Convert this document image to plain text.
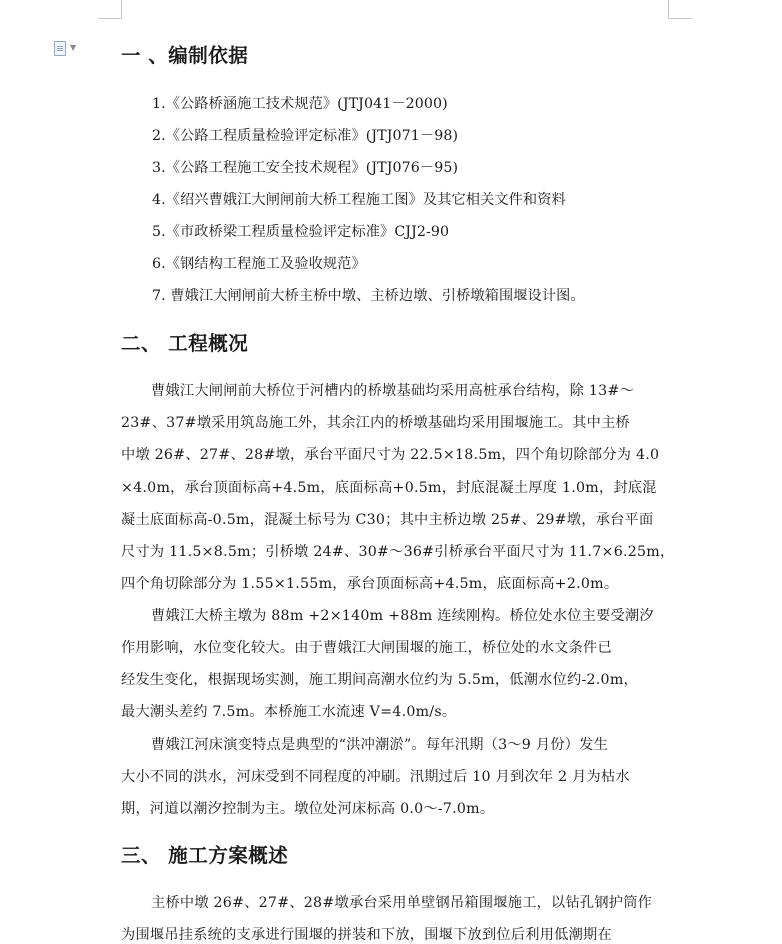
▼ 一 、编制依据

1.《公路桥涵施工技术规范》(JTJ041－2000)

2.《公路工程质量检验评定标准》(JTJ071－98)

3.《公路工程施工安全技术规程》(JTJ076－95)

4.《绍兴曹娥江大闸闸前大桥工程施工图》及其它相关文件和资料

5.《市政桥梁工程质量检验评定标准》CJJ2-90

6.《钢结构工程施工及验收规范》

7. 曹娥江大闸闸前大桥主桥中墩、主桥边墩、引桥墩箱围堰设计图。

二、 工程概况

曹娥江大闸闸前大桥位于河槽内的桥墩基础均采用高桩承台结构，除 13#～

23#、37#墩采用筑岛施工外，其余江内的桥墩基础均采用围堰施工。其中主桥

中墩 26#、27#、28#墩，承台平面尺寸为 22.5×18.5m，四个角切除部分为 4.0

×4.0m，承台顶面标高+4.5m，底面标高+0.5m，封底混凝土厚度 1.0m，封底混

凝土底面标高-0.5m，混凝土标号为 C30；其中主桥边墩 25#、29#墩，承台平面

尺寸为 11.5×8.5m；引桥墩 24#、30#～36#引桥承台平面尺寸为 11.7×6.25m，

四个角切除部分为 1.55×1.55m，承台顶面标高+4.5m，底面标高+2.0m。

曹娥江大桥主墩为 88m +2×140m +88m 连续刚构。桥位处水位主要受潮汐

作用影响，水位变化较大。由于曹娥江大闸围堰的施工，桥位处的水文条件已

经发生变化，根据现场实测，施工期间高潮水位约为 5.5m，低潮水位约-2.0m，

最大潮头差约 7.5m。本桥施工水流速 V=4.0m/s。

曹娥江河床演变特点是典型的“洪冲潮淤”。每年汛期（3～9 月份）发生

大小不同的洪水，河床受到不同程度的冲刷。汛期过后 10 月到次年 2 月为枯水

期，河道以潮汐控制为主。墩位处河床标高 0.0～-7.0m。

三、 施工方案概述

主桥中墩 26#、27#、28#墩承台采用单壁钢吊箱围堰施工，以钻孔钢护筒作

为围堰吊挂系统的支承进行围堰的拼装和下放，围堰下放到位后利用低潮期在
